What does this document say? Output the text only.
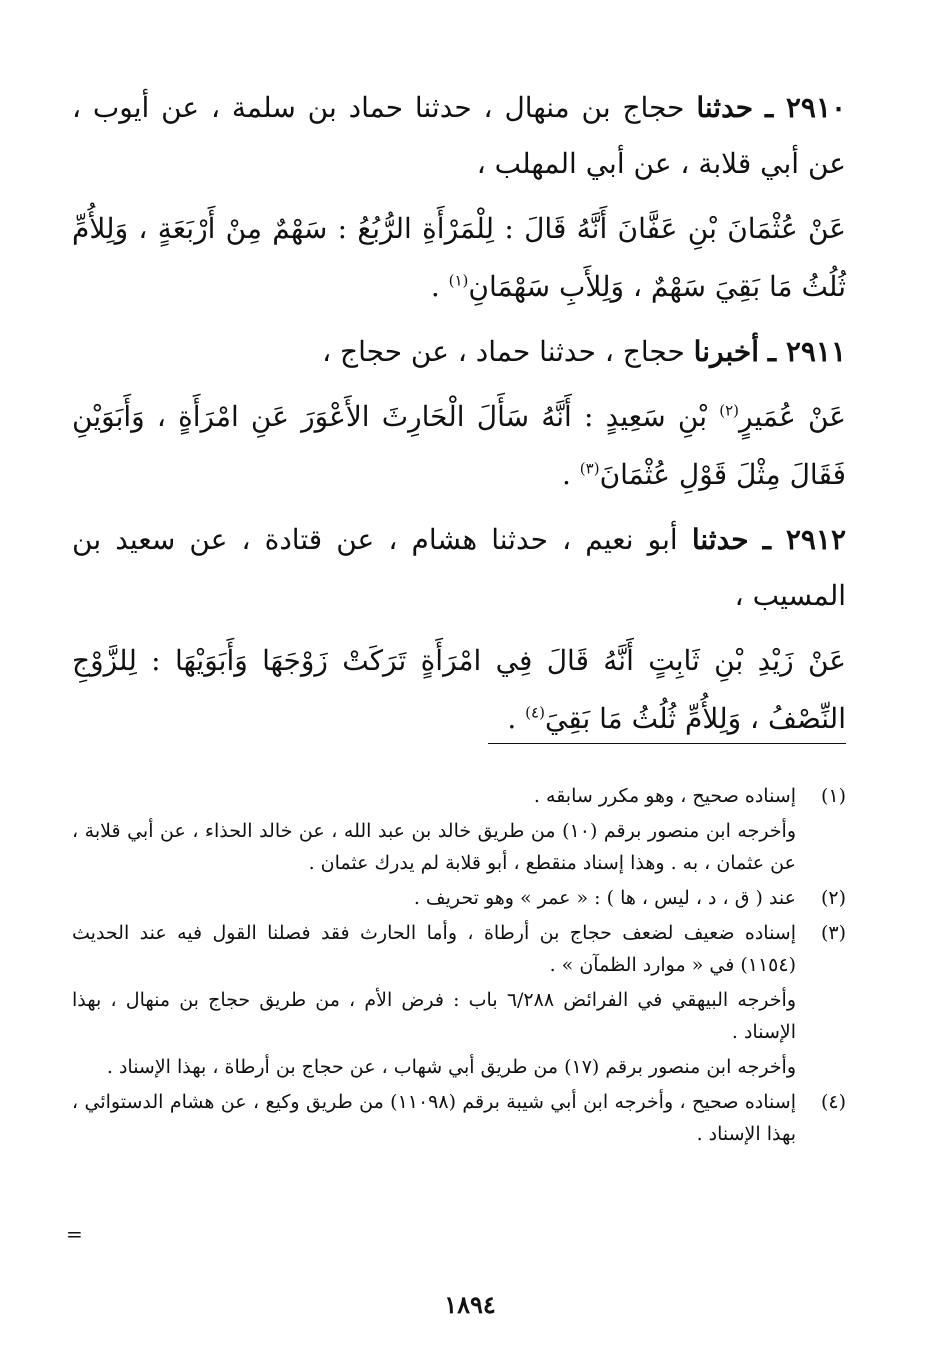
٢٩١٠ ـ حدثنا حجاج بن منهال ، حدثنا حماد بن سلمة ، عن أيوب ، عن أبي قلابة ، عن أبي المهلب ،

عَنْ عُثْمَانَ بْنِ عَفَّانَ أَنَّهُ قَالَ : لِلْمَرْأَةِ الرُّبُعُ : سَهْمٌ مِنْ أَرْبَعَةٍ ، وَلِلأُمِّ ثُلُثُ مَا بَقِيَ سَهْمٌ ، وَلِلأَبِ سَهْمَانِ$^{(١)}$ .

٢٩١١ ـ أخبرنا حجاج ، حدثنا حماد ، عن حجاج ،

عَنْ عُمَيرٍ$^{(٢)}$ بْنِ سَعِيدٍ : أَنَّهُ سَأَلَ الْحَارِثَ الأَعْوَرَ عَنِ امْرَأَةٍ ، وَأَبَوَيْنِ فَقَالَ مِثْلَ قَوْلِ عُثْمَانَ$^{(٣)}$ .

٢٩١٢ ـ حدثنا أبو نعيم ، حدثنا هشام ، عن قتادة ، عن سعيد بن المسيب ،

عَنْ زَيْدِ بْنِ ثَابِتٍ أَنَّهُ قَالَ فِي امْرَأَةٍ تَرَكَتْ زَوْجَهَا وَأَبَوَيْهَا : لِلزَّوْجِ النِّصْفُ ، وَلِلأُمِّ ثُلُثُ مَا بَقِيَ$^{(٤)}$ .

(١)

إسناده صحيح ، وهو مكرر سابقه .

وأخرجه ابن منصور برقم (١٠) من طريق خالد بن عبد الله ، عن خالد الحذاء ، عن أبي قلابة ، عن عثمان ، به . وهذا إسناد منقطع ، أبو قلابة لم يدرك عثمان .

(٢)

عند ( ق ، د ، ليس ، ها ) : « عمر » وهو تحريف .

(٣)

إسناده ضعيف لضعف حجاج بن أرطاة ، وأما الحارث فقد فصلنا القول فيه عند الحديث (١١٥٤) في « موارد الظمآن » .

وأخرجه البيهقي في الفرائض ٦/٢٨٨ باب : فرض الأم ، من طريق حجاج بن منهال ، بهذا الإسناد .

وأخرجه ابن منصور برقم (١٧) من طريق أبي شهاب ، عن حجاج بن أرطاة ، بهذا الإسناد .

(٤)

إسناده صحيح ، وأخرجه ابن أبي شيبة برقم (١١٠٩٨) من طريق وكيع ، عن هشام الدستوائي ، بهذا الإسناد .

=
١٨٩٤
